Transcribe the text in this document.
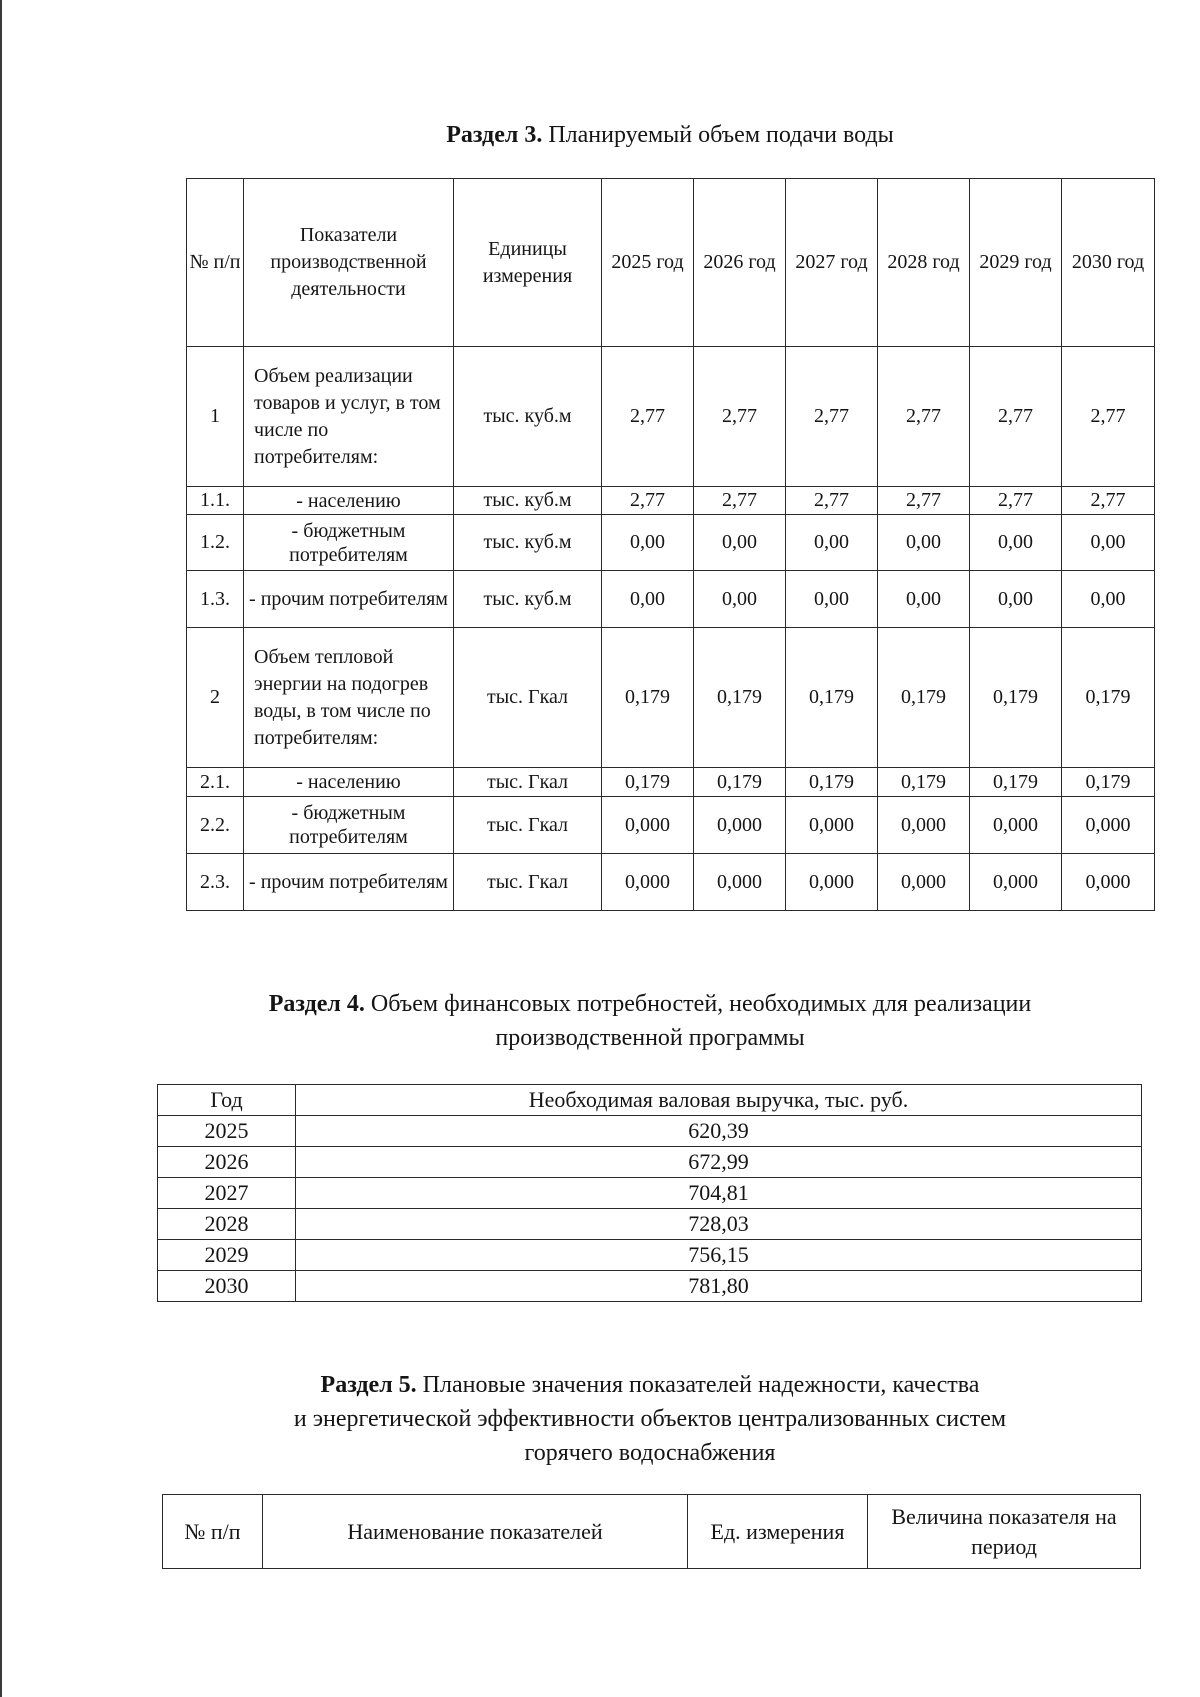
Раздел 3. Планируемый объем подачи воды
№ п/п	Показатели производственной деятельности	Единицы измерения	2025 год	2026 год	2027 год	2028 год	2029 год	2030 год
1	Объем реализации товаров и услуг, в том числе по потребителям:	тыс. куб.м	2,77	2,77	2,77	2,77	2,77	2,77
1.1.	- населению	тыс. куб.м	2,77	2,77	2,77	2,77	2,77	2,77
1.2.	- бюджетным потребителям	тыс. куб.м	0,00	0,00	0,00	0,00	0,00	0,00
1.3.	- прочим потребителям	тыс. куб.м	0,00	0,00	0,00	0,00	0,00	0,00
2	Объем тепловой энергии на подогрев воды, в том числе по потребителям:	тыс. Гкал	0,179	0,179	0,179	0,179	0,179	0,179
2.1.	- населению	тыс. Гкал	0,179	0,179	0,179	0,179	0,179	0,179
2.2.	- бюджетным потребителям	тыс. Гкал	0,000	0,000	0,000	0,000	0,000	0,000
2.3.	- прочим потребителям	тыс. Гкал	0,000	0,000	0,000	0,000	0,000	0,000
Раздел 4. Объем финансовых потребностей, необходимых для реализации
производственной программы
Год	Необходимая валовая выручка, тыс. руб.
2025	620,39
2026	672,99
2027	704,81
2028	728,03
2029	756,15
2030	781,80
Раздел 5. Плановые значения показателей надежности, качества
и энергетической эффективности объектов централизованных систем
горячего водоснабжения
№ п/п	Наименование показателей	Ед. измерения	Величина показателя на период
